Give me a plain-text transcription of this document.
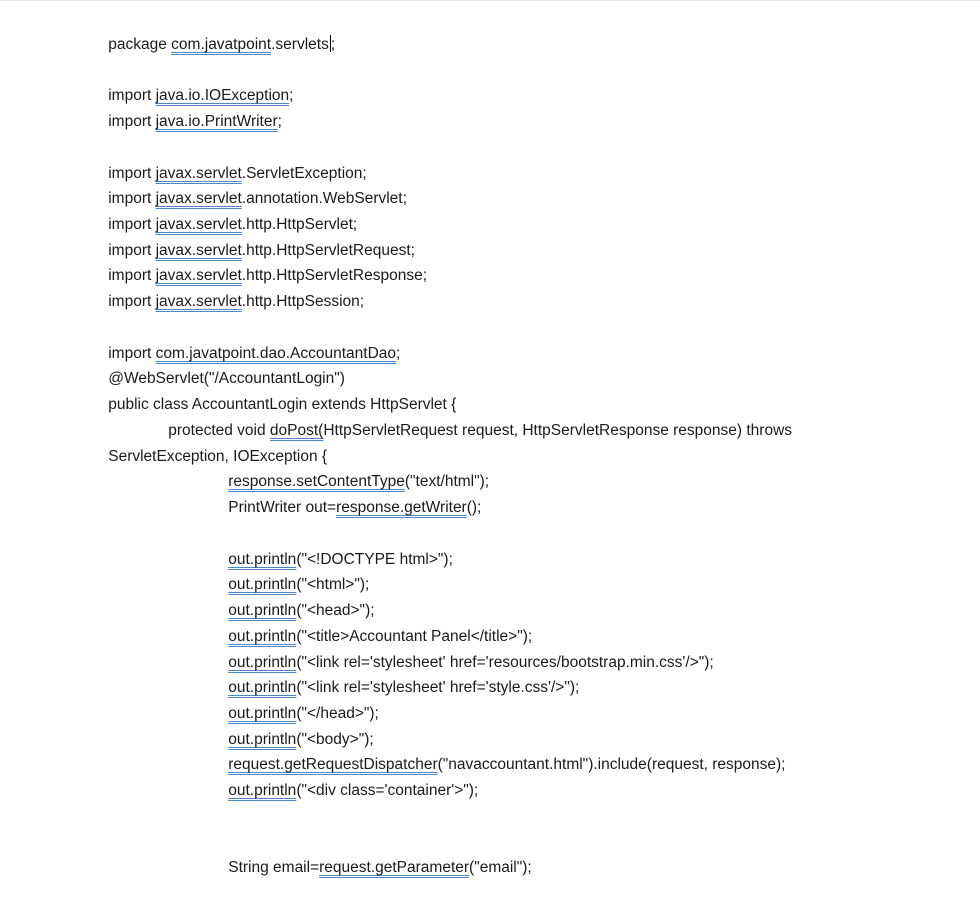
package com.javatpoint.servlets ;

import java.io.IOException;

import java.io.PrintWriter;

import javax.servlet.ServletException;

import javax.servlet.annotation.WebServlet;

import javax.servlet.http.HttpServlet;

import javax.servlet.http.HttpServletRequest;

import javax.servlet.http.HttpServletResponse;

import javax.servlet.http.HttpSession;

import com.javatpoint.dao.AccountantDao;

@WebServlet("/AccountantLogin")

public class AccountantLogin extends HttpServlet {

protected void doPost(HttpServletRequest request, HttpServletResponse response) throws

ServletException, IOException {

response.setContentType("text/html");

PrintWriter out=response.getWriter();

out.println("<!DOCTYPE html>");

out.println("<html>");

out.println("<head>");

out.println("<title>Accountant Panel</title>");

out.println("<link rel='stylesheet' href='resources/bootstrap.min.css'/>");

out.println("<link rel='stylesheet' href='style.css'/>");

out.println("</head>");

out.println("<body>");

request.getRequestDispatcher("navaccountant.html").include(request, response);

out.println("<div class='container'>");

String email=request.getParameter("email");
